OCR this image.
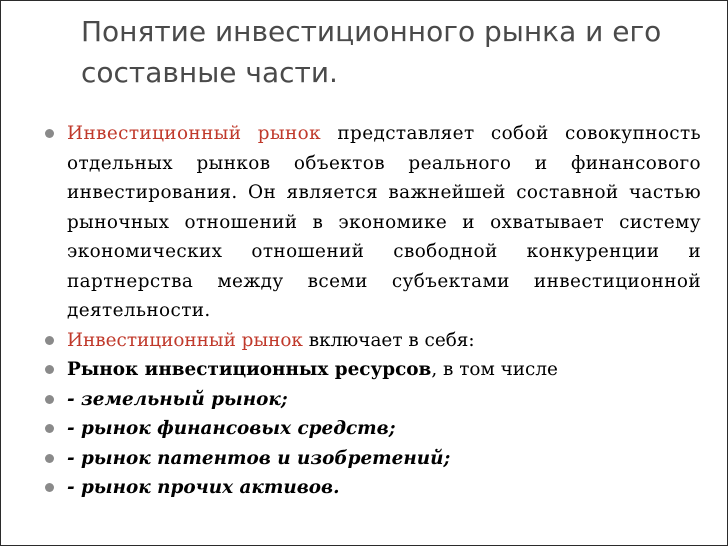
Понятие инвестиционного рынка и его составные части.
Инвестиционный рынок представляет собой совокупность отдельных рынков объектов реального и финансового инвестирования. Он является важнейшей составной частью рыночных отношений в экономике и охватывает систему экономических отношений свободной конкуренции и партнерства между всеми субъектами инвестиционной деятельности.
Инвестиционный рынок включает в себя:
Рынок инвестиционных ресурсов, в том числе
- земельный рынок;
- рынок финансовых средств;
- рынок патентов и изобретений;
- рынок прочих активов.
